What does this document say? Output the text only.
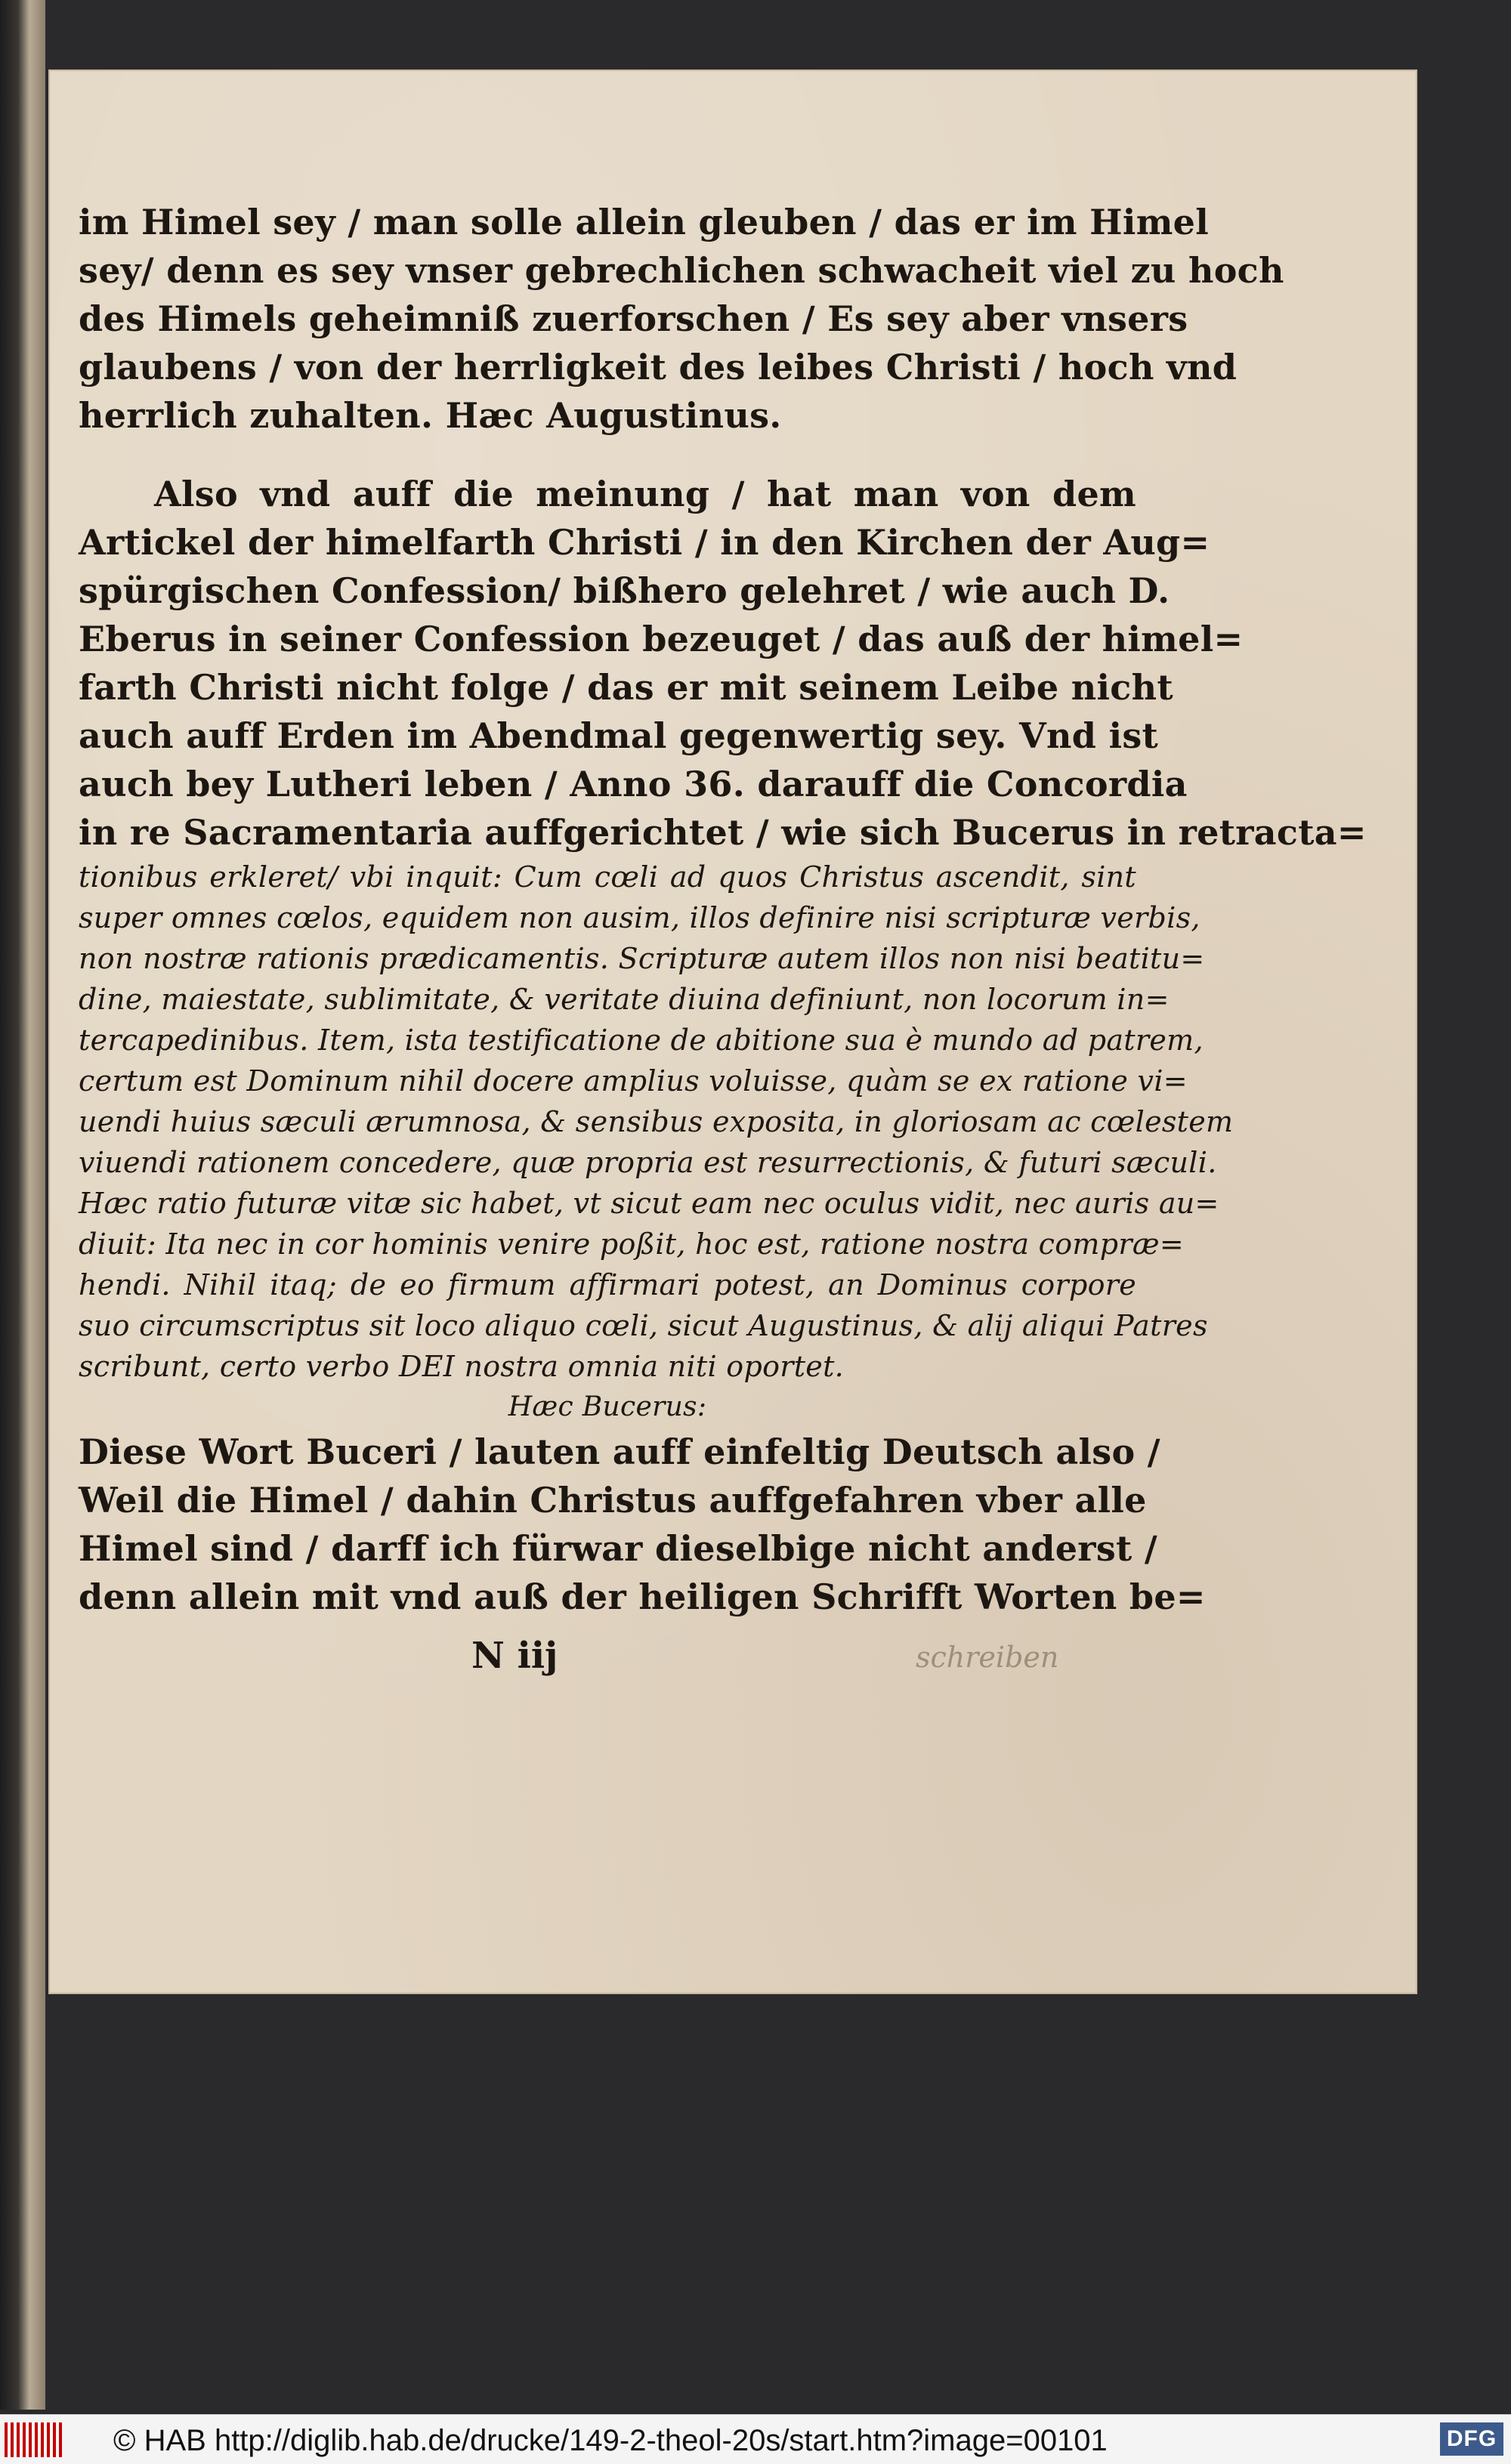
im Himel sey / man solle allein gleuben / das er im Himel
sey/ denn es sey vnser gebrechlichen schwacheit viel zu hoch
des Himels geheimniß zuerforschen / Es sey aber vnsers
glaubens / von der herrligkeit des leibes Christi / hoch vnd
herrlich zuhalten. Hæc Augustinus.
Also vnd auff die meinung / hat man von dem
Artickel der himelfarth Christi / in den Kirchen der Aug=
spürgischen Confession/ bißhero gelehret / wie auch D.
Eberus in seiner Confession bezeuget / das auß der himel=
farth Christi nicht folge / das er mit seinem Leibe nicht
auch auff Erden im Abendmal gegenwertig sey. Vnd ist
auch bey Lutheri leben / Anno 36. darauff die Concordia
in re Sacramentaria auffgerichtet / wie sich Bucerus in retracta=
tionibus erkleret/ vbi inquit: Cum cœli ad quos Christus ascendit, sint
super omnes cœlos, equidem non ausim, illos definire nisi scripturæ verbis,
non nostræ rationis prædicamentis. Scripturæ autem illos non nisi beatitu=
dine, maiestate, sublimitate, & veritate diuina definiunt, non locorum in=
tercapedinibus. Item, ista testificatione de abitione sua è mundo ad patrem,
certum est Dominum nihil docere amplius voluisse, quàm se ex ratione vi=
uendi huius sæculi ærumnosa, & sensibus exposita, in gloriosam ac cœlestem
viuendi rationem concedere, quæ propria est resurrectionis, & futuri sæculi.
Hæc ratio futuræ vitæ sic habet, vt sicut eam nec oculus vidit, nec auris au=
diuit: Ita nec in cor hominis venire poßit, hoc est, ratione nostra compræ=
hendi. Nihil itaq; de eo firmum affirmari potest, an Dominus corpore
suo circumscriptus sit loco aliquo cœli, sicut Augustinus, & alij aliqui Patres
scribunt, certo verbo DEI nostra omnia niti oportet.
Hæc Bucerus:
Diese Wort Buceri / lauten auff einfeltig Deutsch also /
Weil die Himel / dahin Christus auffgefahren vber alle
Himel sind / darff ich fürwar dieselbige nicht anderst /
denn allein mit vnd auß der heiligen Schrifft Worten be=
N iij	schreiben
© HAB http://diglib.hab.de/drucke/149-2-theol-20s/start.htm?image=00101	DFG
